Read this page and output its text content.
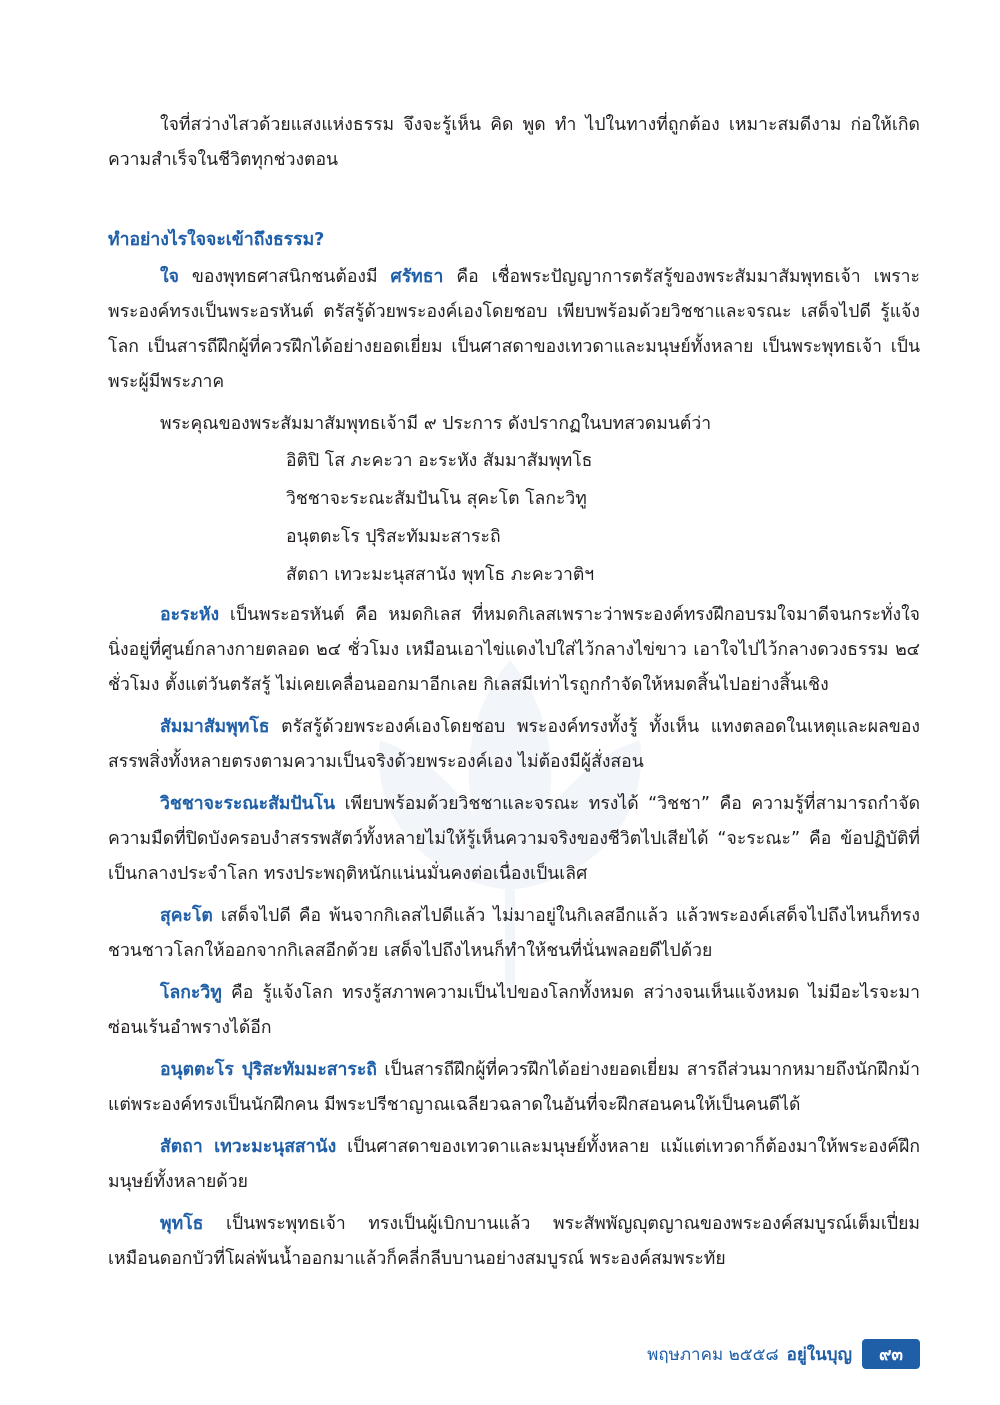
ใจที่สว่างไสวด้วยแสงแห่งธรรม จึงจะรู้เห็น คิด พูด ทำ ไปในทางที่ถูกต้อง เหมาะสมดีงาม ก่อให้เกิดความสำเร็จในชีวิตทุกช่วงตอน

ทำอย่างไรใจจะเข้าถึงธรรม?

ใจ ของพุทธศาสนิกชนต้องมี ศรัทธา คือ เชื่อพระปัญญาการตรัสรู้ของพระสัมมาสัมพุทธเจ้า เพราะพระองค์ทรงเป็นพระอรหันต์ ตรัสรู้ด้วยพระองค์เองโดยชอบ เพียบพร้อมด้วยวิชชาและจรณะ เสด็จไปดี รู้แจ้งโลก เป็นสารถีฝึกผู้ที่ควรฝึกได้อย่างยอดเยี่ยม เป็นศาสดาของเทวดาและมนุษย์ทั้งหลาย เป็นพระพุทธเจ้า เป็นพระผู้มีพระภาค

พระคุณของพระสัมมาสัมพุทธเจ้ามี ๙ ประการ ดังปรากฏในบทสวดมนต์ว่า

อิติปิ โส ภะคะวา อะระหัง สัมมาสัมพุทโธ

วิชชาจะระณะสัมปันโน สุคะโต โลกะวิทู

อนุตตะโร ปุริสะทัมมะสาระถิ

สัตถา เทวะมะนุสสานัง พุทโธ ภะคะวาติฯ

อะระหัง เป็นพระอรหันต์ คือ หมดกิเลส ที่หมดกิเลสเพราะว่าพระองค์ทรงฝึกอบรมใจมาดีจนกระทั่งใจนิ่งอยู่ที่ศูนย์กลางกายตลอด ๒๔ ชั่วโมง เหมือนเอาไข่แดงไปใส่ไว้กลางไข่ขาว เอาใจไปไว้กลางดวงธรรม ๒๔ ชั่วโมง ตั้งแต่วันตรัสรู้ ไม่เคยเคลื่อนออกมาอีกเลย กิเลสมีเท่าไรถูกกำจัดให้หมดสิ้นไปอย่างสิ้นเชิง

สัมมาสัมพุทโธ ตรัสรู้ด้วยพระองค์เองโดยชอบ พระองค์ทรงทั้งรู้ ทั้งเห็น แทงตลอดในเหตุและผลของสรรพสิ่งทั้งหลายตรงตามความเป็นจริงด้วยพระองค์เอง ไม่ต้องมีผู้สั่งสอน

วิชชาจะระณะสัมปันโน เพียบพร้อมด้วยวิชชาและจรณะ ทรงได้ “วิชชา” คือ ความรู้ที่สามารถกำจัดความมืดที่ปิดบังครอบงำสรรพสัตว์ทั้งหลายไม่ให้รู้เห็นความจริงของชีวิตไปเสียได้ “จะระณะ” คือ ข้อปฏิบัติที่เป็นกลางประจำโลก ทรงประพฤติหนักแน่นมั่นคงต่อเนื่องเป็นเลิศ

สุคะโต เสด็จไปดี คือ พ้นจากกิเลสไปดีแล้ว ไม่มาอยู่ในกิเลสอีกแล้ว แล้วพระองค์เสด็จไปถึงไหนก็ทรงชวนชาวโลกให้ออกจากกิเลสอีกด้วย เสด็จไปถึงไหนก็ทำให้ชนที่นั่นพลอยดีไปด้วย

โลกะวิทู คือ รู้แจ้งโลก ทรงรู้สภาพความเป็นไปของโลกทั้งหมด สว่างจนเห็นแจ้งหมด ไม่มีอะไรจะมาซ่อนเร้นอำพรางได้อีก

อนุตตะโร ปุริสะทัมมะสาระถิ เป็นสารถีฝึกผู้ที่ควรฝึกได้อย่างยอดเยี่ยม สารถีส่วนมากหมายถึงนักฝึกม้า แต่พระองค์ทรงเป็นนักฝึกคน มีพระปรีชาญาณเฉลียวฉลาดในอันที่จะฝึกสอนคนให้เป็นคนดีได้

สัตถา เทวะมะนุสสานัง เป็นศาสดาของเทวดาและมนุษย์ทั้งหลาย แม้แต่เทวดาก็ต้องมาให้พระองค์ฝึก มนุษย์ทั้งหลายด้วย

พุทโธ เป็นพระพุทธเจ้า ทรงเป็นผู้เบิกบานแล้ว พระสัพพัญญุตญาณของพระองค์สมบูรณ์เต็มเปี่ยม เหมือนดอกบัวที่โผล่พ้นน้ำออกมาแล้วก็คลี่กลีบบานอย่างสมบูรณ์ พระองค์สมพระทัย

พฤษภาคม ๒๕๕๘ อยู่ในบุญ	๙๓
